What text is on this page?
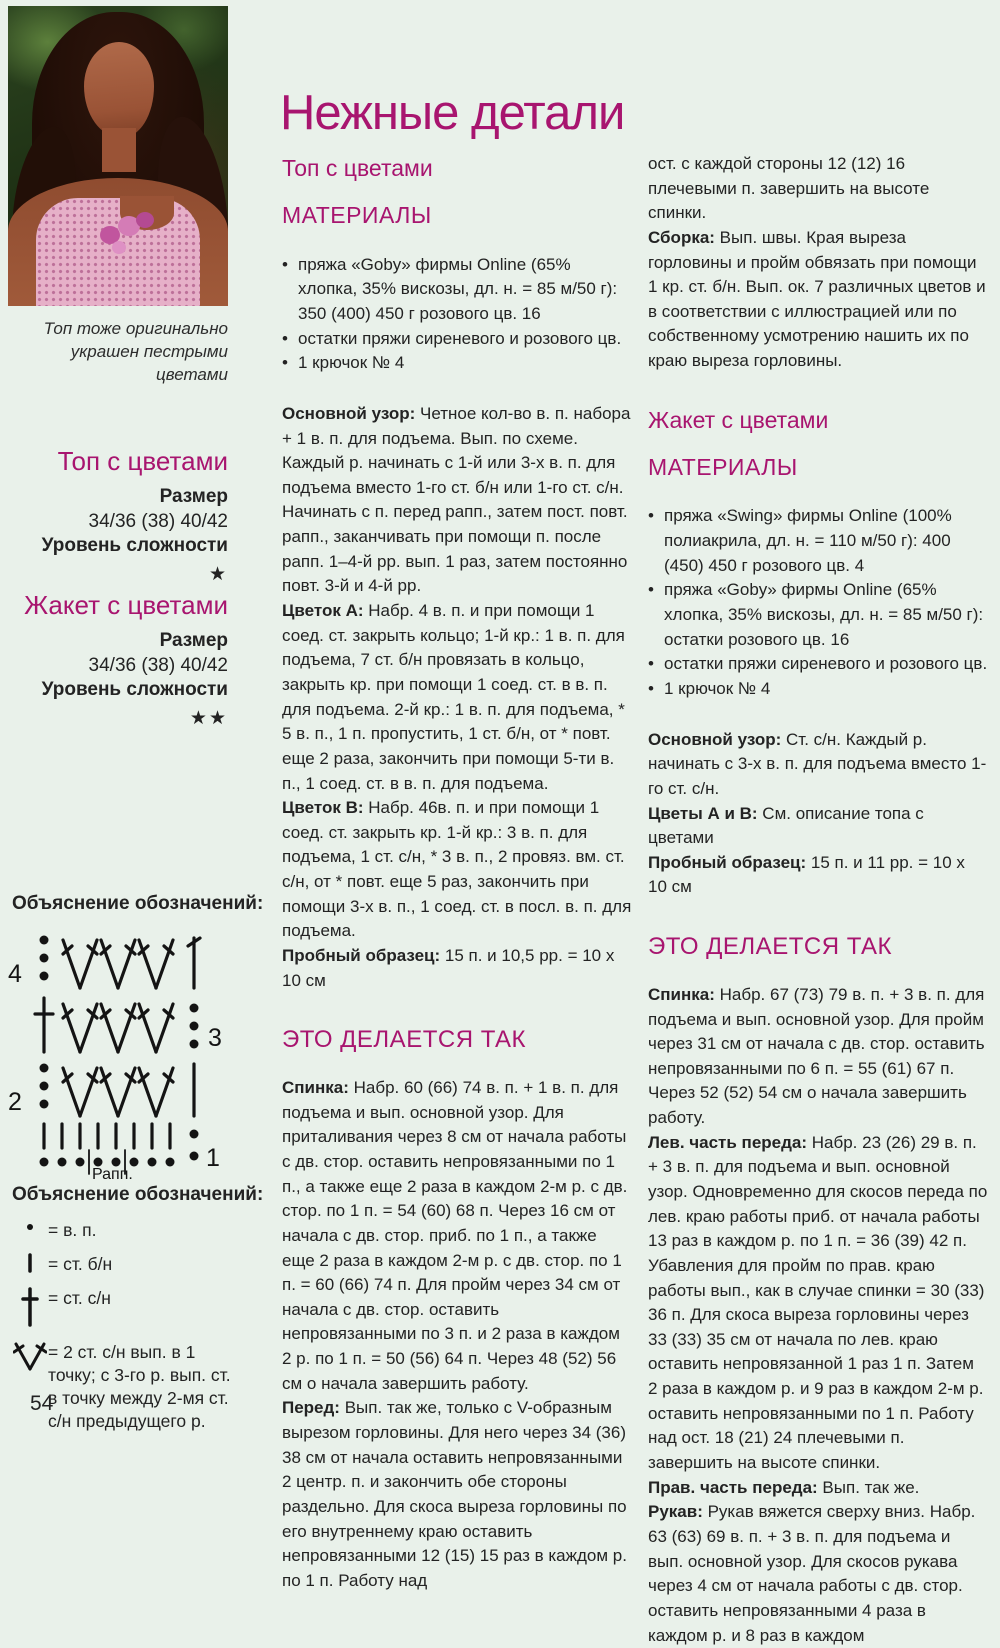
Топ тоже оригинально украшен пестрыми цветами
Топ с цветами
Размер
34/36 (38) 40/42
Уровень сложности
★
Жакет с цветами
Размер
34/36 (38) 40/42
Уровень сложности
★★
Объяснение обозначений:
4
3
2
1
Рапп.
Объяснение обозначений:
= в. п.
= ст. б/н
= ст. с/н
= 2 ст. с/н вып. в 1 точку; с 3-го р. вып. ст. в точку между 2-мя ст. с/н предыдущего р.
54
Нежные детали
Топ с цветами
МАТЕРИАЛЫ
• пряжа «Goby» фирмы Online (65% хлопка, 35% вискозы, дл. н. = 85 м/50 г): 350 (400) 450 г розового цв. 16
• остатки пряжи сиреневого и розового цв.
• 1 крючок № 4

Основной узор: Четное кол-во в. п. набора + 1 в. п. для подъема. Вып. по схеме. Каждый р. начинать с 1-й или 3-х в. п. для подъема вместо 1-го ст. б/н или 1-го ст. с/н. Начинать с п. перед рапп., затем пост. повт. рапп., заканчивать при помощи п. после рапп. 1–4-й рр. вып. 1 раз, затем постоянно повт. 3-й и 4-й рр.

Цветок А: Набр. 4 в. п. и при помощи 1 соед. ст. закрыть кольцо; 1-й кр.: 1 в. п. для подъема, 7 ст. б/н провязать в кольцо, закрыть кр. при помощи 1 соед. ст. в в. п. для подъема. 2-й кр.: 1 в. п. для подъема, * 5 в. п., 1 п. пропустить, 1 ст. б/н, от * повт. еще 2 раза, закончить при помощи 5-ти в. п., 1 соед. ст. в в. п. для подъема.

Цветок В: Набр. 46в. п. и при помощи 1 соед. ст. закрыть кр. 1-й кр.: 3 в. п. для подъема, 1 ст. с/н, * 3 в. п., 2 провяз. вм. ст. с/н, от * повт. еще 5 раз, закончить при помощи 3-х в. п., 1 соед. ст. в посл. в. п. для подъема.

Пробный образец: 15 п. и 10,5 рр. = 10 х 10 см

ЭТО ДЕЛАЕТСЯ ТАК

Спинка: Набр. 60 (66) 74 в. п. + 1 в. п. для подъема и вып. основной узор. Для приталивания через 8 см от начала работы с дв. стор. оставить непровязанными по 1 п., а также еще 2 раза в каждом 2-м р. с дв. стор. по 1 п. = 54 (60) 68 п. Через 16 см от начала с дв. стор. приб. по 1 п., а также еще 2 раза в каждом 2-м р. с дв. стор. по 1 п. = 60 (66) 74 п. Для пройм через 34 см от начала с дв. стор. оставить непровязанными по 3 п. и 2 раза в каждом 2 р. по 1 п. = 50 (56) 64 п. Через 48 (52) 56 см о начала завершить работу.

Перед: Вып. так же, только с V-образным вырезом горловины. Для него через 34 (36) 38 см от начала оставить непровязанными 2 центр. п. и закончить обе стороны раздельно. Для скоса выреза горловины по его внутреннему краю оставить непровязанными 12 (15) 15 раз в каждом р. по 1 п. Работу над

ост. с каждой стороны 12 (12) 16 плечевыми п. завершить на высоте спинки.

Сборка: Вып. швы. Края выреза горловины и пройм обвязать при помощи 1 кр. ст. б/н. Вып. ок. 7 различных цветов и в соответствии с иллюстрацией или по собственному усмотрению нашить их по краю выреза горловины.

Жакет с цветами
МАТЕРИАЛЫ
• пряжа «Swing» фирмы Online (100% полиакрила, дл. н. = 110 м/50 г): 400 (450) 450 г розового цв. 4
• пряжа «Goby» фирмы Online (65% хлопка, 35% вискозы, дл. н. = 85 м/50 г): остатки розового цв. 16
• остатки пряжи сиреневого и розового цв.
• 1 крючок № 4

Основной узор: Ст. с/н. Каждый р. начинать с 3-х в. п. для подъема вместо 1-го ст. с/н.

Цветы А и В: См. описание топа с цветами

Пробный образец: 15 п. и 11 рр. = 10 х 10 см

ЭТО ДЕЛАЕТСЯ ТАК

Спинка: Набр. 67 (73) 79 в. п. + 3 в. п. для подъема и вып. основной узор. Для пройм через 31 см от начала с дв. стор. оставить непровязанными по 6 п. = 55 (61) 67 п. Через 52 (52) 54 см о начала завершить работу.

Лев. часть переда: Набр. 23 (26) 29 в. п. + 3 в. п. для подъема и вып. основной узор. Одновременно для скосов переда по лев. краю работы приб. от начала работы 13 раз в каждом р. по 1 п. = 36 (39) 42 п. Убавления для пройм по прав. краю работы вып., как в случае спинки = 30 (33) 36 п. Для скоса выреза горловины через 33 (33) 35 см от начала по лев. краю оставить непровязанной 1 раз 1 п. Затем 2 раза в каждом р. и 9 раз в каждом 2-м р. оставить непровязанными по 1 п. Работу над ост. 18 (21) 24 плечевыми п. завершить на высоте спинки.

Прав. часть переда: Вып. так же.

Рукав: Рукав вяжется сверху вниз. Набр. 63 (63) 69 в. п. + 3 в. п. для подъема и вып. основной узор. Для скосов рукава через 4 см от начала работы с дв. стор. оставить непровязанными 4 раза в каждом р. и 8 раз в каждом
